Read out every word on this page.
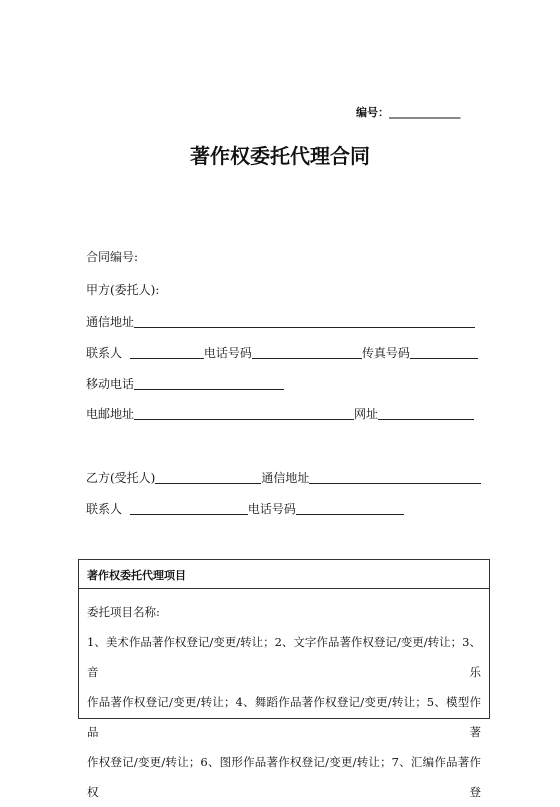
编号：_____________
著作权委托代理合同
合同编号:
甲方(委托人):
通信地址
联系人	电话号码	传真号码
移动电话
电邮地址	网址
乙方(受托人)	通信地址
联系人	电话号码
著作权委托代理项目

委托项目名称:

1、美术作品著作权登记/变更/转让；2、文字作品著作权登记/变更/转让；3、音乐

作品著作权登记/变更/转让；4、舞蹈作品著作权登记/变更/转让；5、模型作品著

作权登记/变更/转让；6、图形作品著作权登记/变更/转让；7、汇编作品著作权登
